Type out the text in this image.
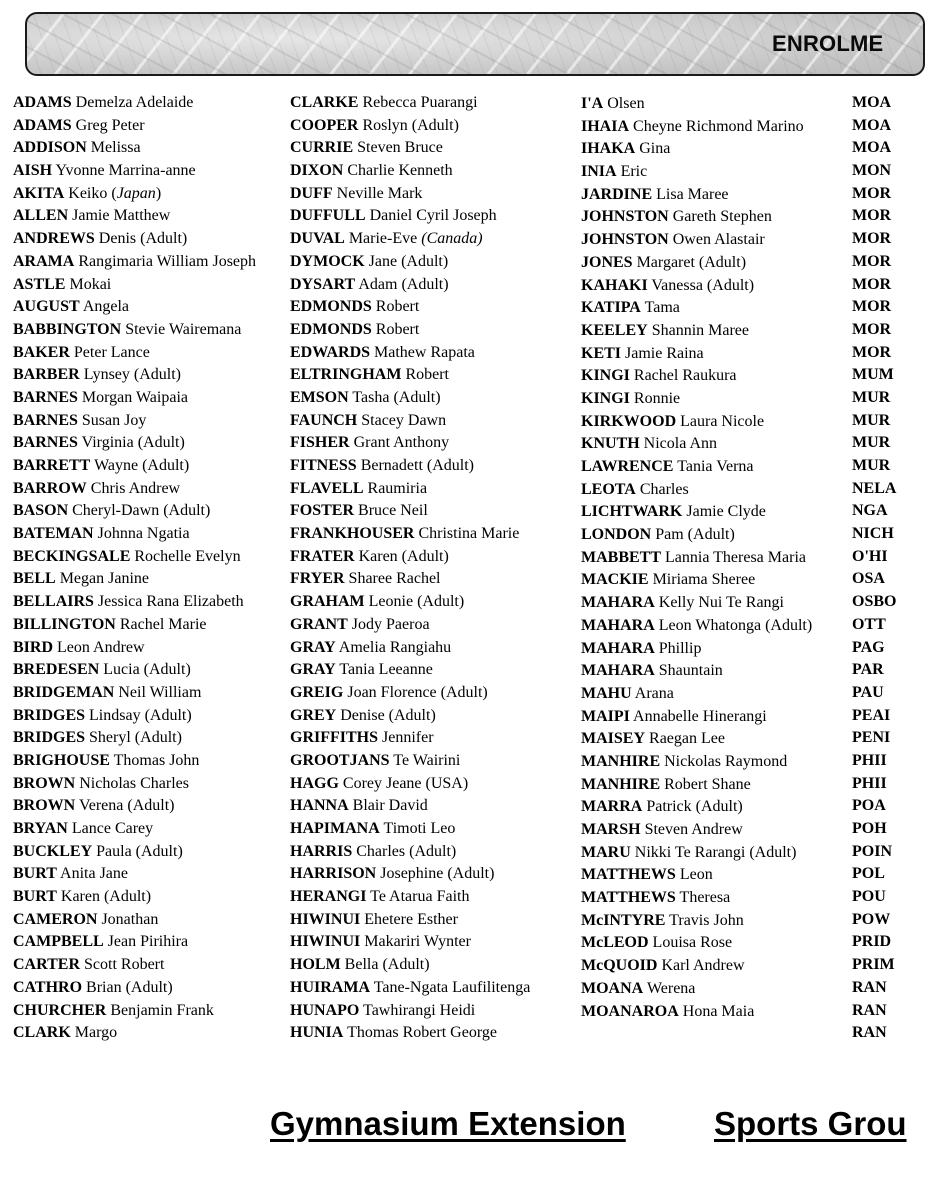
ENROLME
ADAMS Demelza Adelaide
ADAMS Greg Peter
ADDISON Melissa
AISH Yvonne Marrina-anne
AKITA Keiko (Japan)
ALLEN Jamie Matthew
ANDREWS Denis (Adult)
ARAMA Rangimaria William Joseph
ASTLE Mokai
AUGUST Angela
BABBINGTON Stevie Wairemana
BAKER Peter Lance
BARBER Lynsey (Adult)
BARNES Morgan Waipaia
BARNES Susan Joy
BARNES Virginia (Adult)
BARRETT Wayne (Adult)
BARROW Chris Andrew
BASON Cheryl-Dawn (Adult)
BATEMAN Johnna Ngatia
BECKINGSALE Rochelle Evelyn
BELL Megan Janine
BELLAIRS Jessica Rana Elizabeth
BILLINGTON Rachel Marie
BIRD Leon Andrew
BREDESEN Lucia (Adult)
BRIDGEMAN Neil William
BRIDGES Lindsay (Adult)
BRIDGES Sheryl (Adult)
BRIGHOUSE Thomas John
BROWN Nicholas Charles
BROWN Verena (Adult)
BRYAN Lance Carey
BUCKLEY Paula (Adult)
BURT Anita Jane
BURT Karen (Adult)
CAMERON Jonathan
CAMPBELL Jean Pirihira
CARTER Scott Robert
CATHRO Brian (Adult)
CHURCHER Benjamin Frank
CLARK Margo
CLARKE Rebecca Puarangi
COOPER Roslyn (Adult)
CURRIE Steven Bruce
DIXON Charlie Kenneth
DUFF Neville Mark
DUFFULL Daniel Cyril Joseph
DUVAL Marie-Eve (Canada)
DYMOCK Jane (Adult)
DYSART Adam (Adult)
EDMONDS Robert
EDMONDS Robert
EDWARDS Mathew Rapata
ELTRINGHAM Robert
EMSON Tasha (Adult)
FAUNCH Stacey Dawn
FISHER Grant Anthony
FITNESS Bernadett (Adult)
FLAVELL Raumiria
FOSTER Bruce Neil
FRANKHOUSER Christina Marie
FRATER Karen (Adult)
FRYER Sharee Rachel
GRAHAM Leonie (Adult)
GRANT Jody Paeroa
GRAY Amelia Rangiahu
GRAY Tania Leeanne
GREIG Joan Florence (Adult)
GREY Denise (Adult)
GRIFFITHS Jennifer
GROOTJANS Te Wairini
HAGG Corey Jeane (USA)
HANNA Blair David
HAPIMANA Timoti Leo
HARRIS Charles (Adult)
HARRISON Josephine (Adult)
HERANGI Te Atarua Faith
HIWINUI Ehetere Esther
HIWINUI Makariri Wynter
HOLM Bella (Adult)
HUIRAMA Tane-Ngata Laufilitenga
HUNAPO Tawhirangi Heidi
HUNIA Thomas Robert George
I'A Olsen
IHAIA Cheyne Richmond Marino
IHAKA Gina
INIA Eric
JARDINE Lisa Maree
JOHNSTON Gareth Stephen
JOHNSTON Owen Alastair
JONES Margaret (Adult)
KAHAKI Vanessa (Adult)
KATIPA Tama
KEELEY Shannin Maree
KETI Jamie Raina
KINGI Rachel Raukura
KINGI Ronnie
KIRKWOOD Laura Nicole
KNUTH Nicola Ann
LAWRENCE Tania Verna
LEOTA Charles
LICHTWARK Jamie Clyde
LONDON Pam (Adult)
MABBETT Lannia Theresa Maria
MACKIE Miriama Sheree
MAHARA Kelly Nui Te Rangi
MAHARA Leon Whatonga (Adult)
MAHARA Phillip
MAHARA Shauntain
MAHU Arana
MAIPI Annabelle Hinerangi
MAISEY Raegan Lee
MANHIRE Nickolas Raymond
MANHIRE Robert Shane
MARRA Patrick (Adult)
MARSH Steven Andrew
MARU Nikki Te Rarangi (Adult)
MATTHEWS Leon
MATTHEWS Theresa
McINTYRE Travis John
McLEOD Louisa Rose
McQUOID Karl Andrew
MOANA Werena
MOANAROA Hona Maia
MOA
MOA
MOA
MON
MOR
MOR
MOR
MOR
MOR
MOR
MOR
MOR
MUM
MUR
MUR
MUR
MUR
NELA
NGA
NICH
O'HI
OSA
OSBO
OTT
PAG
PAR
PAU
PEAI
PENI
PHII
PHII
POA
POH
POIN
POL
POU
POW
PRID
PRIM
RAN
RAN
RAN
Gymnasium Extension	Sports Grou
